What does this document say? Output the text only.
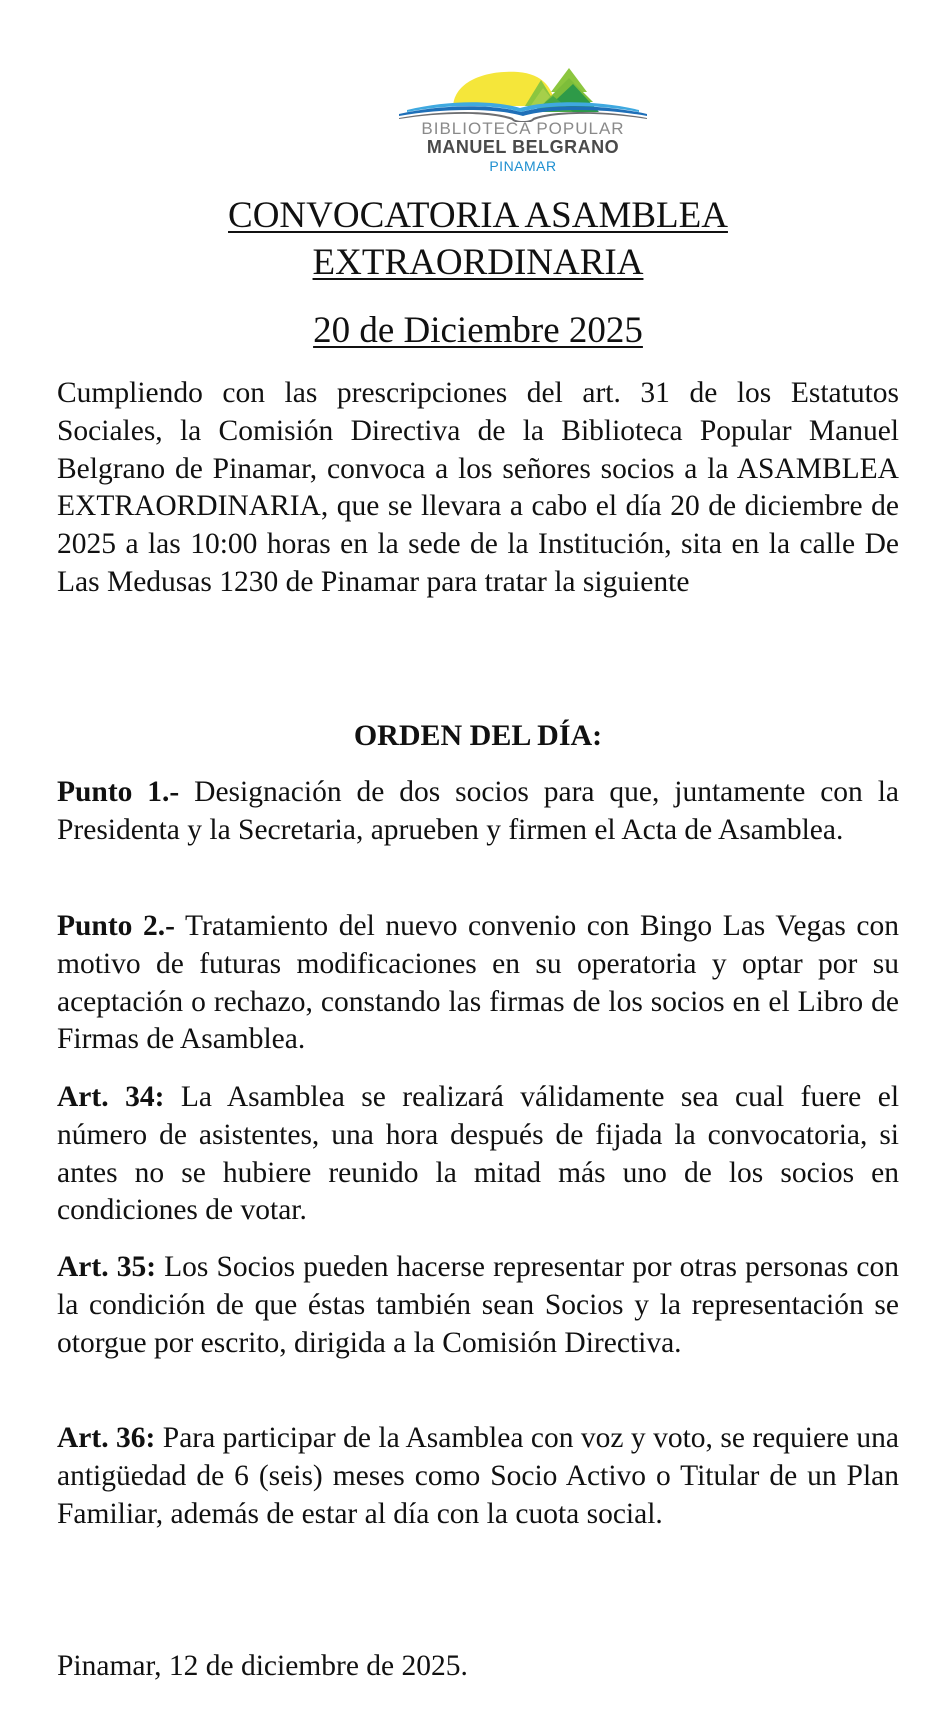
BIBLIOTECA POPULAR
MANUEL BELGRANO
PINAMAR
CONVOCATORIA ASAMBLEA
EXTRAORDINARIA
20 de Diciembre 2025
Cumpliendo con las prescripciones del art. 31 de los Estatutos Sociales, la Comisión Directiva de la Biblioteca Popular Manuel Belgrano de Pinamar, convoca a los señores socios a la ASAMBLEA EXTRAORDINARIA, que se llevara a cabo el día 20 de diciembre de 2025 a las 10:00 horas en la sede de la Institución, sita en la calle De Las Medusas 1230 de Pinamar para tratar la siguiente
ORDEN DEL DÍA:
Punto 1.- Designación de dos socios para que, juntamente con la Presidenta y la Secretaria, aprueben y firmen el Acta de Asamblea.
Punto 2.- Tratamiento del nuevo convenio con Bingo Las Vegas con motivo de futuras modificaciones en su operatoria y optar por su aceptación o rechazo, constando las firmas de los socios en el Libro de Firmas de Asamblea.
Art. 34: La Asamblea se realizará válidamente sea cual fuere el número de asistentes, una hora después de fijada la convocatoria, si antes no se hubiere reunido la mitad más uno de los socios en condiciones de votar.
Art. 35: Los Socios pueden hacerse representar por otras personas con la condición de que éstas también sean Socios y la representación se otorgue por escrito, dirigida a la Comisión Directiva.
Art. 36: Para participar de la Asamblea con voz y voto, se requiere una antigüedad de 6 (seis) meses como Socio Activo o Titular de un Plan Familiar, además de estar al día con la cuota social.
Pinamar, 12 de diciembre de 2025.
